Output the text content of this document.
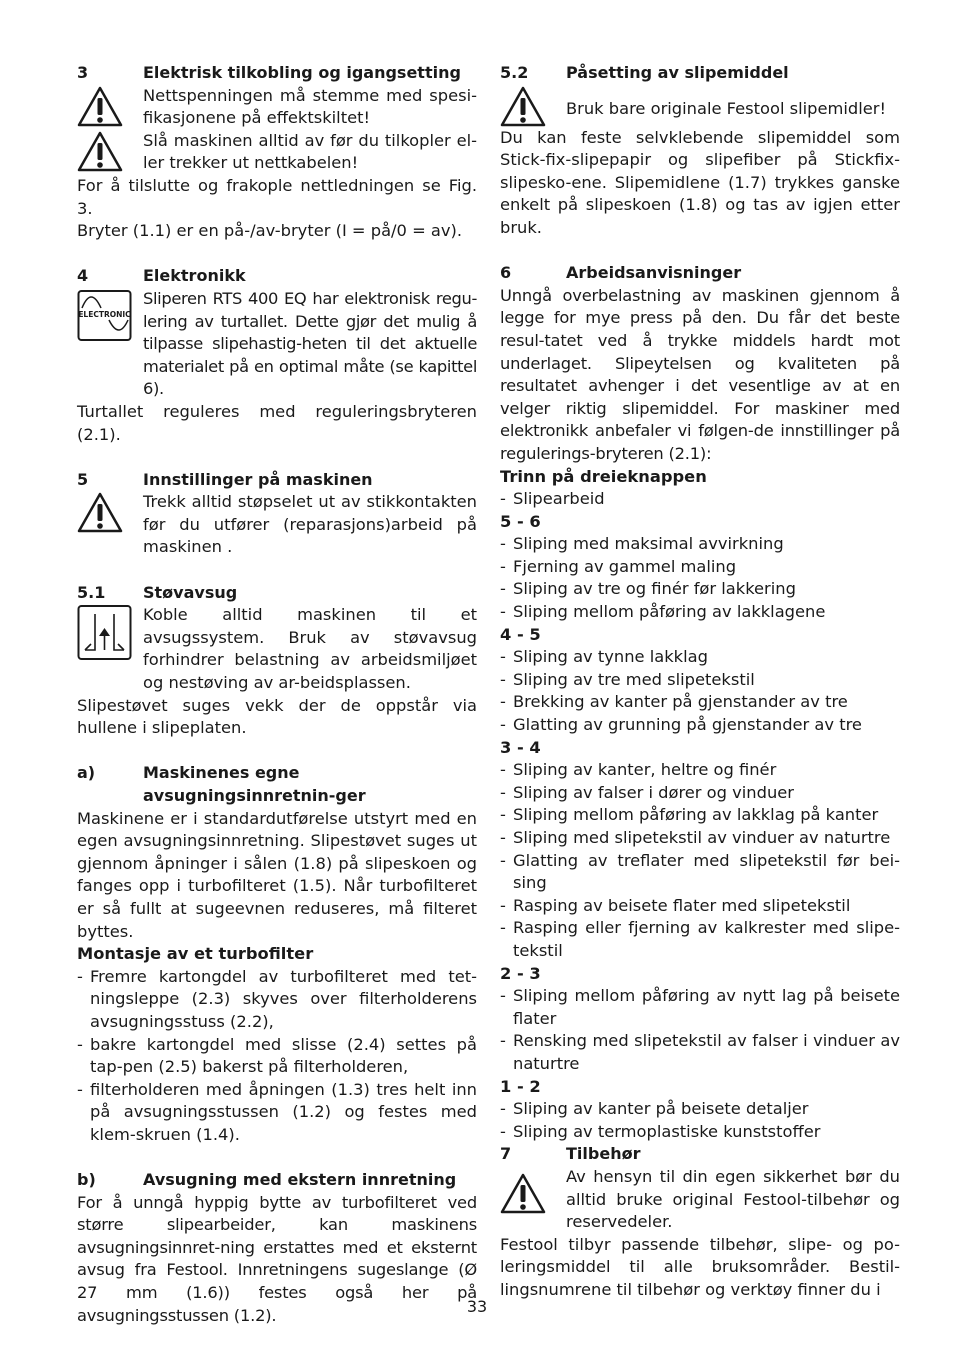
3	Elektrisk tilkobling og igangsetting

Nettspenningen må stemme med spesi-fikasjonene på effektskiltet!

Slå maskinen alltid av før du tilkopler el-ler trekker ut nettkabelen!

For å tilslutte og frakople nettledningen se Fig. 3.

Bryter (1.1) er en på-/av-bryter (I = på/0 = av).

4	Elektronikk
ELECTRONIC

Sliperen RTS 400 EQ har elektronisk regu-lering av turtallet. Dette gjør det mulig å tilpasse slipehastig-heten til det aktuelle materialet på en optimal måte (se kapittel 6).

Turtallet reguleres med reguleringsbryteren (2.1).

5	Innstillinger på maskinen

Trekk alltid støpselet ut av stikkontakten før du utfører (reparasjons)arbeid på maskinen .

5.1	Støvavsug

Koble alltid maskinen til et avsugssystem. Bruk av støvavsug forhindrer belastning av arbeidsmiljøet og nestøving av ar-beidsplassen.

Slipestøvet suges vekk der de oppstår via hullene i slipeplaten.

a)	Maskinenes egne avsugningsinnretnin-ger

Maskinene er i standardutførelse utstyrt med en egen avsugningsinnretning. Slipestøvet suges ut gjennom åpninger i sålen (1.8) på slipeskoen og fanges opp i turbofilteret (1.5). Når turbofilteret er så fullt at sugeevnen reduseres, må filteret byttes.

Montasje av et turbofilter
- Fremre kartongdel av turbofilteret med tet-ningsleppe (2.3) skyves over filterholderens avsugningsstuss (2.2),
- bakre kartongdel med slisse (2.4) settes på tap-pen (2.5) bakerst på filterholderen,
- filterholderen med åpningen (1.3) tres helt inn på avsugningsstussen (1.2) og festes med klem-skruen (1.4).
b)	Avsugning med ekstern innretning

For å unngå hyppig bytte av turbofilteret ved større slipearbeider, kan maskinens avsugningsinnret-ning erstattes med et eksternt avsug fra Festool. Innretningens sugeslange (Ø 27 mm (1.6)) festes også her på avsugningsstussen (1.2).

5.2	Påsetting av slipemiddel

Bruk bare originale Festool slipemidler!

Du kan feste selvklebende slipemiddel som Stick-fix-slipepapir og slipefiber på Stickfix-slipesko-ene. Slipemidlene (1.7) trykkes ganske enkelt på slipeskoen (1.8) og tas av igjen etter bruk.

6	Arbeidsanvisninger

Unngå overbelastning av maskinen gjennom å legge for mye press på den. Du får det beste resul-tatet ved å trykke middels hardt mot underlaget. Slipeytelsen og kvaliteten på resultatet avhenger i det vesentlige av at en velger riktig slipemiddel. For maskiner med elektronikk anbefaler vi følgen-de innstillinger på regulerings-bryteren (2.1):

Trinn på dreieknappen
- Slipearbeid
5 - 6
- Sliping med maksimal avvirkning
- Fjerning av gammel maling
- Sliping av tre og finér før lakkering
- Sliping mellom påføring av lakklagene
4 - 5
- Sliping av tynne lakklag
- Sliping av tre med slipetekstil
- Brekking av kanter på gjenstander av tre
- Glatting av grunning på gjenstander av tre
3 - 4
- Sliping av kanter, heltre og finér
- Sliping av falser i dører og vinduer
- Sliping mellom påføring av lakklag på kanter
- Sliping med slipetekstil av vinduer av naturtre
- Glatting av treflater med slipetekstil før bei-sing
- Rasping av beisete flater med slipetekstil
- Rasping eller fjerning av kalkrester med slipe-tekstil
2 - 3
- Sliping mellom påføring av nytt lag på beisete flater
- Rensking med slipetekstil av falser i vinduer av naturtre
1 - 2
- Sliping av kanter på beisete detaljer
- Sliping av termoplastiske kunststoffer
7	Tilbehør

Av hensyn til din egen sikkerhet bør du alltid bruke original Festool-tilbehør og reservedeler.

Festool tilbyr passende tilbehør, slipe- og po-leringsmiddel til alle bruksområder. Bestil-lingsnumrene til tilbehør og verktøy finner du i

33
